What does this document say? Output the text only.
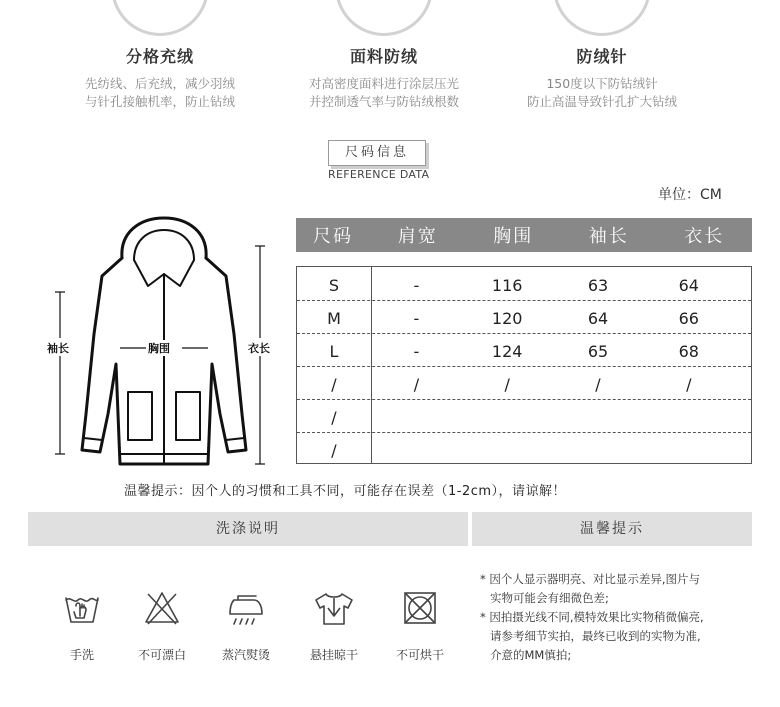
分格充绒
先纺线、后充绒，减少羽绒
与针孔接触机率，防止钻绒
面料防绒
对高密度面料进行涂层压光
并控制透气率与防钻绒根数
防绒针
150度以下防钻绒针
防止高温导致针孔扩大钻绒
尺码信息
REFERENCE DATA
单位：CM
袖长	胸围	衣长
尺码	肩宽	胸围	袖长	衣长
S	-	116	63	64
M	-	120	64	66
L	-	124	65	68
/	/	/	/	/
/
/
温馨提示：因个人的习惯和工具不同，可能存在误差（1-2cm），请谅解！
洗涤说明	温馨提示
手洗	不可漂白	蒸汽熨烫	悬挂晾干	不可烘干

* 因个人显示器明亮、对比显示差异,图片与

实物可能会有细微色差;

* 因拍摄光线不同,模特效果比实物稍微偏亮,

请参考细节实拍，最终已收到的实物为准,

介意的MM慎拍;
